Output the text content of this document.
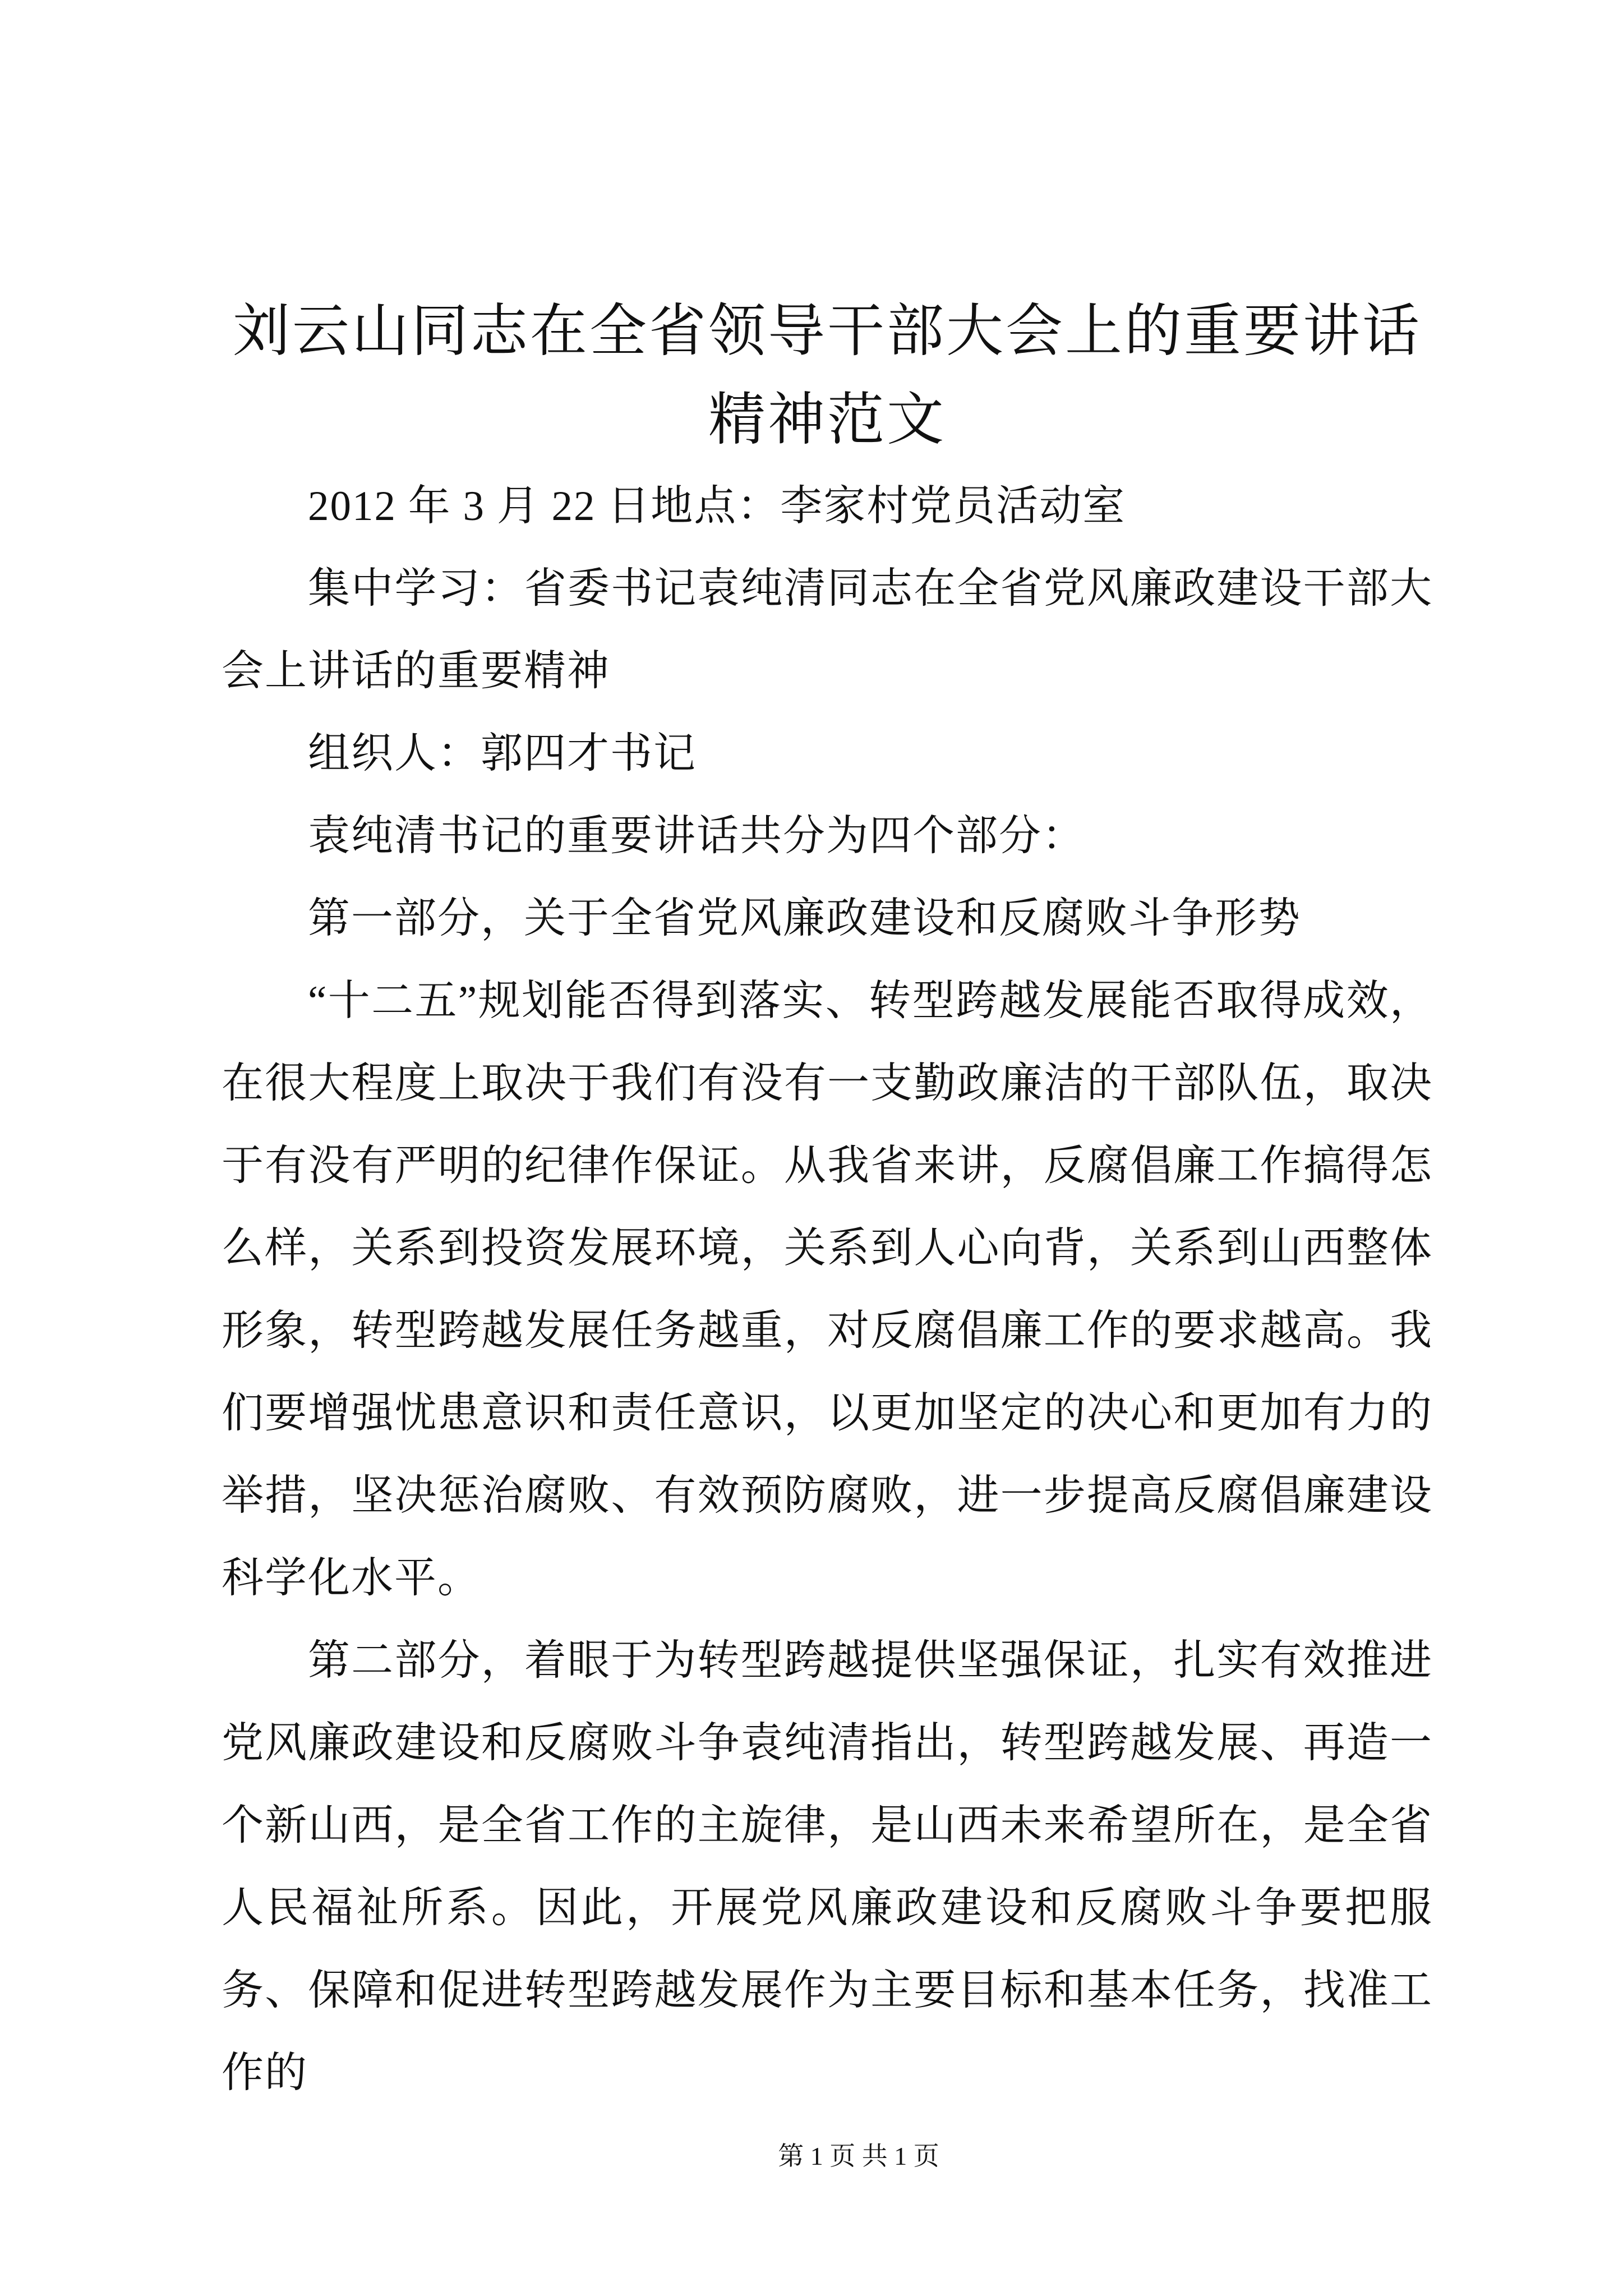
刘云山同志在全省领导干部大会上的重要讲话精神范文

2012 年 3 月 22 日地点：李家村党员活动室

集中学习：省委书记袁纯清同志在全省党风廉政建设干部大会上讲话的重要精神

组织人：郭四才书记

袁纯清书记的重要讲话共分为四个部分：

第一部分，关于全省党风廉政建设和反腐败斗争形势

“十二五”规划能否得到落实、转型跨越发展能否取得成效，在很大程度上取决于我们有没有一支勤政廉洁的干部队伍，取决于有没有严明的纪律作保证。从我省来讲，反腐倡廉工作搞得怎么样，关系到投资发展环境，关系到人心向背，关系到山西整体形象，转型跨越发展任务越重，对反腐倡廉工作的要求越高。我们要增强忧患意识和责任意识，以更加坚定的决心和更加有力的举措，坚决惩治腐败、有效预防腐败，进一步提高反腐倡廉建设科学化水平。

第二部分，着眼于为转型跨越提供坚强保证，扎实有效推进党风廉政建设和反腐败斗争袁纯清指出，转型跨越发展、再造一个新山西，是全省工作的主旋律，是山西未来希望所在，是全省人民福祉所系。因此，开展党风廉政建设和反腐败斗争要把服务、保障和促进转型跨越发展作为主要目标和基本任务，找准工作的

第 1 页 共 1 页
